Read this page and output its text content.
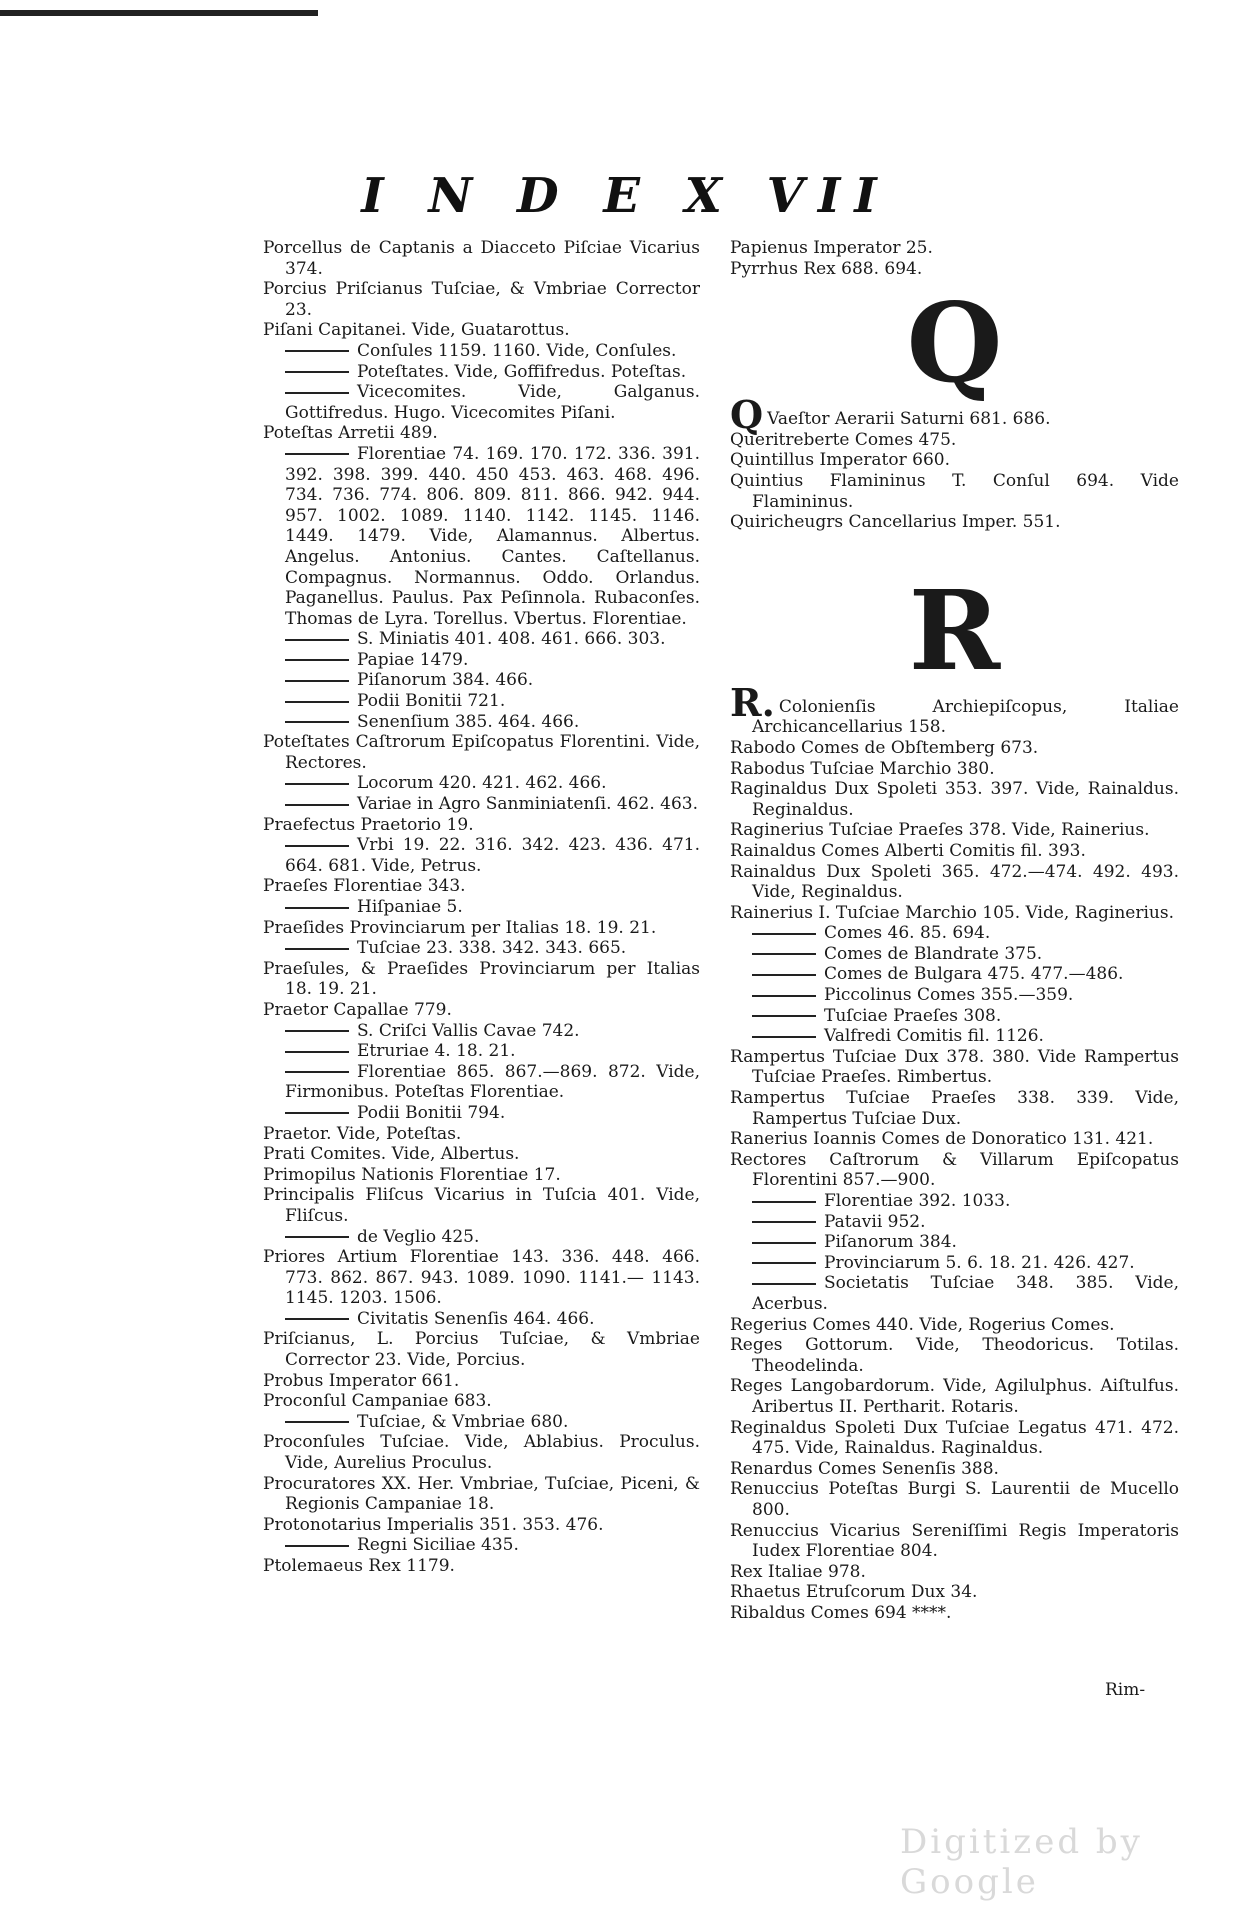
I N D E X VII
Porcellus de Captanis a Diacceto Piſciae Vicarius 374.
Porcius Priſcianus Tuſciae, & Vmbriae Corrector 23.
Piſani Capitanei. Vide, Guatarottus.
Conſules 1159. 1160. Vide, Conſules.
Poteſtates. Vide, Goffifredus. Poteſtas.
Vicecomites. Vide, Galganus. Gottifredus. Hugo. Vicecomites Piſani.
Poteſtas Arretii 489.
Florentiae 74. 169. 170. 172. 336. 391. 392. 398. 399. 440. 450 453. 463. 468. 496. 734. 736. 774. 806. 809. 811. 866. 942. 944. 957. 1002. 1089. 1140. 1142. 1145. 1146. 1449. 1479. Vide, Alamannus. Albertus. Angelus. Antonius. Cantes. Caſtellanus. Compagnus. Normannus. Oddo. Orlandus. Paganellus. Paulus. Pax Peſinnola. Rubaconſes. Thomas de Lyra. Torellus. Vbertus. Florentiae.
S. Miniatis 401. 408. 461. 666. 303.
Papiae 1479.
Piſanorum 384. 466.
Podii Bonitii 721.
Senenſium 385. 464. 466.
Poteſtates Caſtrorum Epiſcopatus Florentini. Vide, Rectores.
Locorum 420. 421. 462. 466.
Variae in Agro Sanminiatenſi. 462. 463.
Praefectus Praetorio 19.
Vrbi 19. 22. 316. 342. 423. 436. 471. 664. 681. Vide, Petrus.
Praeſes Florentiae 343.
Hiſpaniae 5.
Praeſides Provinciarum per Italias 18. 19. 21.
Tuſciae 23. 338. 342. 343. 665.
Praeſules, & Praeſides Provinciarum per Italias 18. 19. 21.
Praetor Capallae 779.
S. Criſci Vallis Cavae 742.
Etruriae 4. 18. 21.
Florentiae 865. 867.—869. 872. Vide, Firmonibus. Poteſtas Florentiae.
Podii Bonitii 794.
Praetor. Vide, Poteſtas.
Prati Comites. Vide, Albertus.
Primopilus Nationis Florentiae 17.
Principalis Fliſcus Vicarius in Tuſcia 401. Vide, Fliſcus.
de Veglio 425.
Priores Artium Florentiae 143. 336. 448. 466. 773. 862. 867. 943. 1089. 1090. 1141.— 1143. 1145. 1203. 1506.
Civitatis Senenſis 464. 466.
Priſcianus, L. Porcius Tuſciae, & Vmbriae Corrector 23. Vide, Porcius.
Probus Imperator 661.
Proconſul Campaniae 683.
Tuſciae, & Vmbriae 680.
Proconſules Tuſciae. Vide, Ablabius. Proculus. Vide, Aurelius Proculus.
Procuratores XX. Her. Vmbriae, Tuſciae, Piceni, & Regionis Campaniae 18.
Protonotarius Imperialis 351. 353. 476.
Regni Siciliae 435.
Ptolemaeus Rex 1179.
Papienus Imperator 25.
Pyrrhus Rex 688. 694.
Q
Q Vaeſtor Aerarii Saturni 681. 686.
Queritreberte Comes 475.
Quintillus Imperator 660.
Quintius Flamininus T. Conſul 694. Vide Flamininus.
Quiricheugrs Cancellarius Imper. 551.
R
R. Colonienſis Archiepiſcopus, Italiae Archicancellarius 158.
Rabodo Comes de Obſtemberg 673.
Rabodus Tuſciae Marchio 380.
Raginaldus Dux Spoleti 353. 397. Vide, Rainaldus. Reginaldus.
Raginerius Tuſciae Praeſes 378. Vide, Rainerius.
Rainaldus Comes Alberti Comitis fil. 393.
Rainaldus Dux Spoleti 365. 472.—474. 492. 493. Vide, Reginaldus.
Rainerius I. Tuſciae Marchio 105. Vide, Raginerius.
Comes 46. 85. 694.
Comes de Blandrate 375.
Comes de Bulgara 475. 477.—486.
Piccolinus Comes 355.—359.
Tuſciae Praeſes 308.
Valfredi Comitis fil. 1126.
Rampertus Tuſciae Dux 378. 380. Vide Rampertus Tuſciae Praeſes. Rimbertus.
Rampertus Tuſciae Praeſes 338. 339. Vide, Rampertus Tuſciae Dux.
Ranerius Ioannis Comes de Donoratico 131. 421.
Rectores Caſtrorum & Villarum Epiſcopatus Florentini 857.—900.
Florentiae 392. 1033.
Patavii 952.
Piſanorum 384.
Provinciarum 5. 6. 18. 21. 426. 427.
Societatis Tuſciae 348. 385. Vide, Acerbus.
Regerius Comes 440. Vide, Rogerius Comes.
Reges Gottorum. Vide, Theodoricus. Totilas. Theodelinda.
Reges Langobardorum. Vide, Agilulphus. Aiſtulfus. Aribertus II. Pertharit. Rotaris.
Reginaldus Spoleti Dux Tuſciae Legatus 471. 472. 475. Vide, Rainaldus. Raginaldus.
Renardus Comes Senenſis 388.
Renuccius Poteſtas Burgi S. Laurentii de Mucello 800.
Renuccius Vicarius Sereniſſimi Regis Imperatoris Iudex Florentiae 804.
Rex Italiae 978.
Rhaetus Etruſcorum Dux 34.
Ribaldus Comes 694 ****.
Rim-
Digitized by Google
